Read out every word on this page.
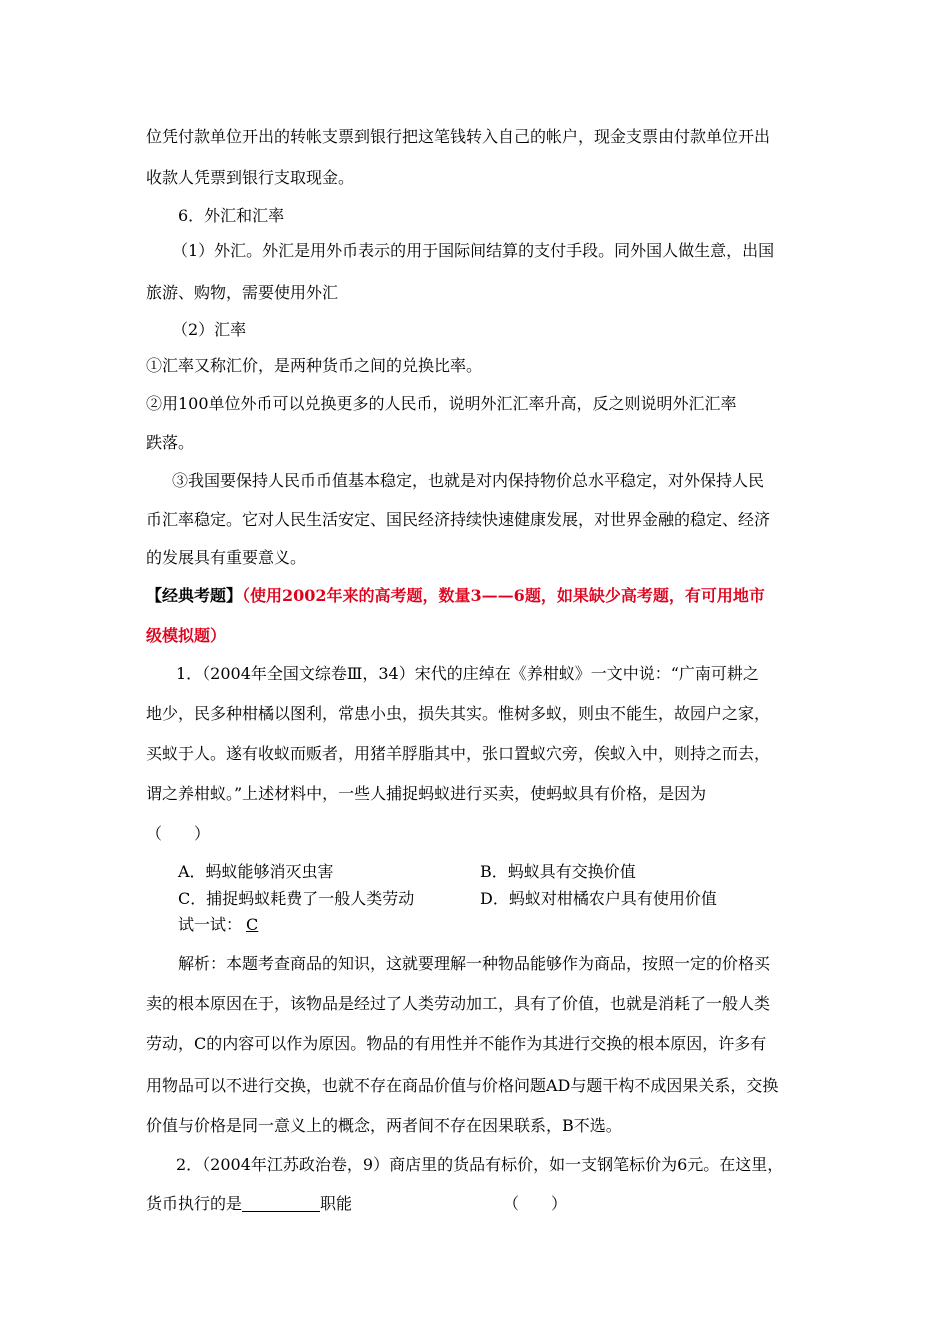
位凭付款单位开出的转帐支票到银行把这笔钱转入自己的帐户，现金支票由付款单位开出
收款人凭票到银行支取现金。
6．外汇和汇率
（1）外汇。外汇是用外币表示的用于国际间结算的支付手段。同外国人做生意，出国
旅游、购物，需要使用外汇
（2）汇率
①汇率又称汇价，是两种货币之间的兑换比率。
②用100单位外币可以兑换更多的人民币，说明外汇汇率升高，反之则说明外汇汇率
跌落。
③我国要保持人民币币值基本稳定，也就是对内保持物价总水平稳定，对外保持人民
币汇率稳定。它对人民生活安定、国民经济持续快速健康发展，对世界金融的稳定、经济
的发展具有重要意义。
【经典考题】（使用2002年来的高考题，数量3——6题，如果缺少高考题，有可用地市
级模拟题）
1．（2004年全国文综卷Ⅲ，34）宋代的庄绰在《养柑蚁》一文中说：“广南可耕之
地少，民多种柑橘以图利，常患小虫，损失其实。惟树多蚁，则虫不能生，故园户之家，
买蚁于人。遂有收蚁而贩者，用猪羊脬脂其中，张口置蚁穴旁，俟蚁入中，则持之而去，
谓之养柑蚁。”上述材料中，一些人捕捉蚂蚁进行买卖，使蚂蚁具有价格，是因为
（　　）
A．蚂蚁能够消灭虫害	B．蚂蚁具有交换价值
C．捕捉蚂蚁耗费了一般人类劳动	D．蚂蚁对柑橘农户具有使用价值
试一试： C
解析：本题考查商品的知识，这就要理解一种物品能够作为商品，按照一定的价格买
卖的根本原因在于，该物品是经过了人类劳动加工，具有了价值，也就是消耗了一般人类
劳动，C的内容可以作为原因。物品的有用性并不能作为其进行交换的根本原因，许多有
用物品可以不进行交换，也就不存在商品价值与价格问题AD与题干构不成因果关系，交换
价值与价格是同一意义上的概念，两者间不存在因果联系，B不选。
2．（2004年江苏政治卷，9）商店里的货品有标价，如一支钢笔标价为6元。在这里，
货币执行的是	职能	（　　）
